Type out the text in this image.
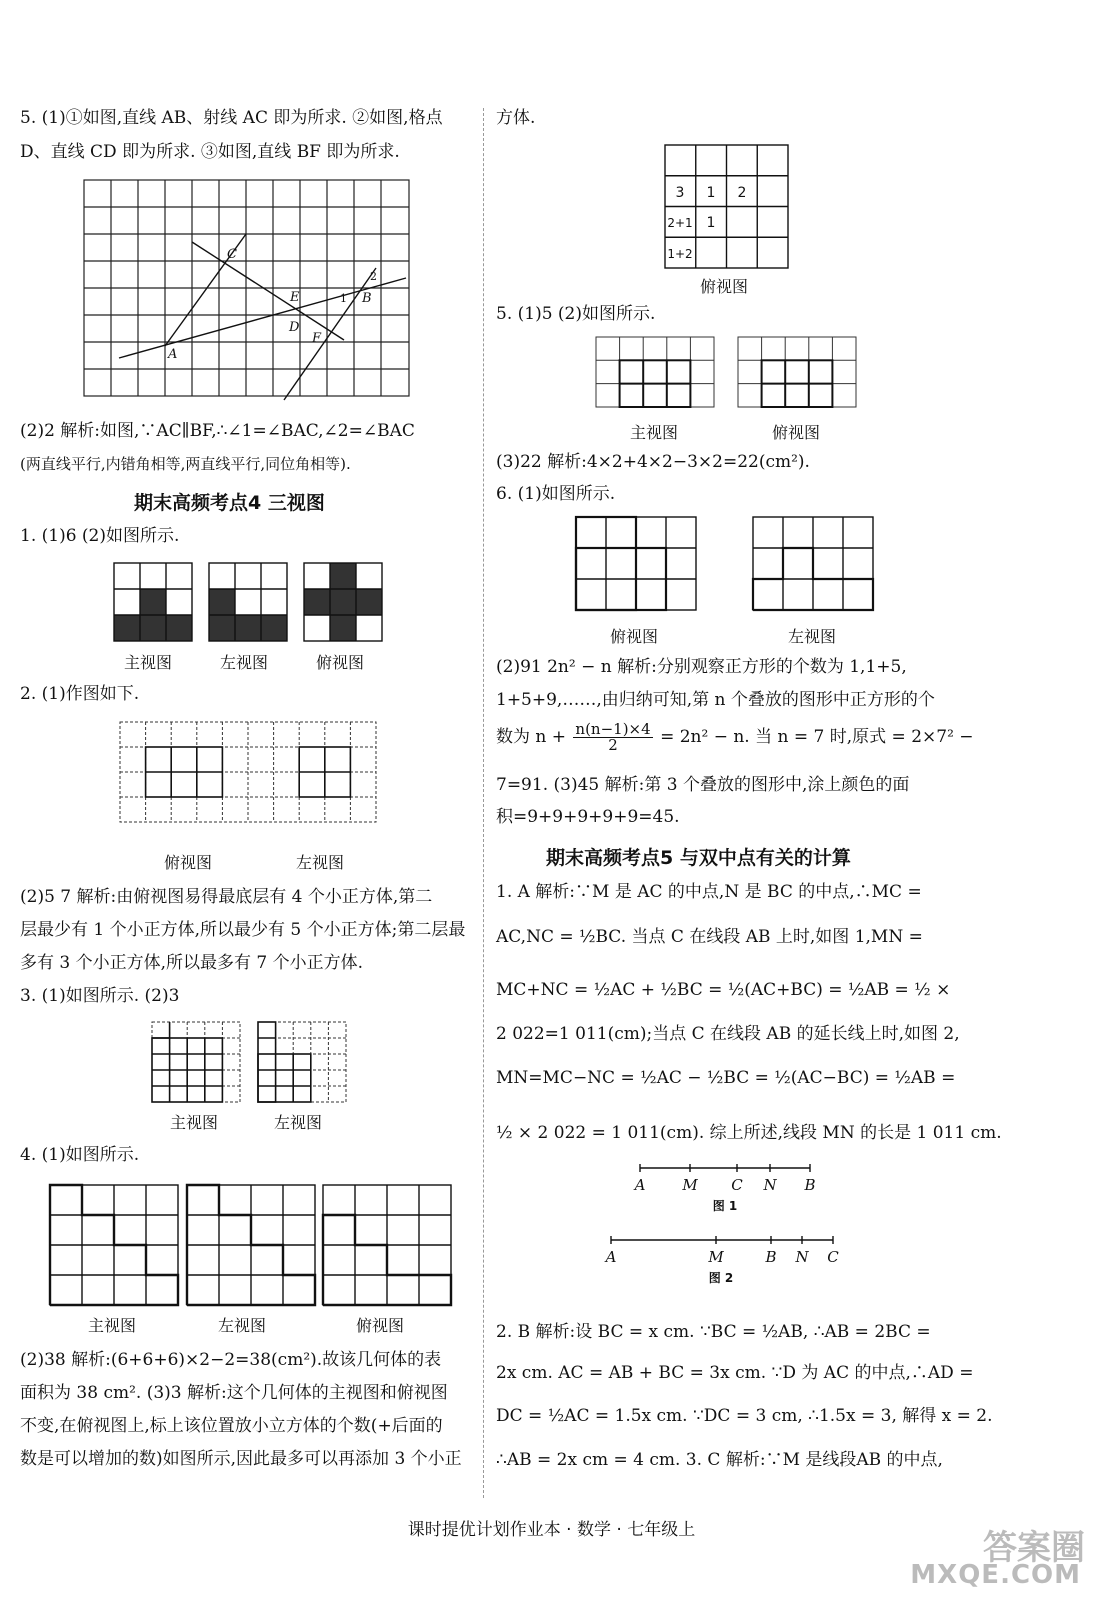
5. (1)①如图,直线 AB、射线 AC 即为所求. ②如图,格点
D、直线 CD 即为所求. ③如图,直线 BF 即为所求.
C
E
D
F
A
B
1
2
(2)2 解析:如图,∵AC∥BF,∴∠1=∠BAC,∠2=∠BAC
(两直线平行,内错角相等,两直线平行,同位角相等).
期末高频考点4 三视图
1. (1)6 (2)如图所示.
主视图	左视图	俯视图
2. (1)作图如下.
俯视图	左视图
(2)5 7 解析:由俯视图易得最底层有 4 个小正方体,第二
层最少有 1 个小正方体,所以最少有 5 个小正方体;第二层最
多有 3 个小正方体,所以最多有 7 个小正方体.
3. (1)如图所示. (2)3
主视图	左视图
4. (1)如图所示.
主视图	左视图	俯视图
(2)38 解析:(6+6+6)×2−2=38(cm²).故该几何体的表
面积为 38 cm². (3)3 解析:这个几何体的主视图和俯视图
不变,在俯视图上,标上该位置放小立方体的个数(+后面的
数是可以增加的数)如图所示,因此最多可以再添加 3 个小正
方体.
3 1 2
2+1 1
1+2
俯视图
5. (1)5 (2)如图所示.
主视图	俯视图
(3)22 解析:4×2+4×2−3×2=22(cm²).
6. (1)如图所示.
俯视图	左视图
(2)91 2n² − n 解析:分别观察正方形的个数为 1,1+5,
1+5+9,……,由归纳可知,第 n 个叠放的图形中正方形的个
数为 $n + \frac{n(n-1)\times 4}{2} = 2n^2 - n$. 当 n = 7 时,原式 = 2×7² −
7=91. (3)45 解析:第 3 个叠放的图形中,涂上颜色的面
积=9+9+9+9+9=45.
期末高频考点5 与双中点有关的计算
1. A 解析:∵M 是 AC 的中点,N 是 BC 的中点,∴MC =
AC,NC = ½BC. 当点 C 在线段 AB 上时,如图 1,MN =
MC+NC = ½AC + ½BC = ½(AC+BC) = ½AB = ½ ×
2 022=1 011(cm);当点 C 在线段 AB 的延长线上时,如图 2,
MN=MC−NC = ½AC − ½BC = ½(AC−BC) = ½AB =
½ × 2 022 = 1 011(cm). 综上所述,线段 MN 的长是 1 011 cm.
A M C N B
图 1
A	M	B N C
图 2
2. B 解析:设 BC = x cm. ∵BC = ½AB, ∴AB = 2BC =
2x cm. AC = AB + BC = 3x cm. ∵D 为 AC 的中点,∴AD =
DC = ½AC = 1.5x cm. ∵DC = 3 cm, ∴1.5x = 3, 解得 x = 2.
∴AB = 2x cm = 4 cm. 3. C 解析:∵M 是线段AB 的中点,
课时提优计划作业本 · 数学 · 七年级上	答案圈
MXQE.COM
